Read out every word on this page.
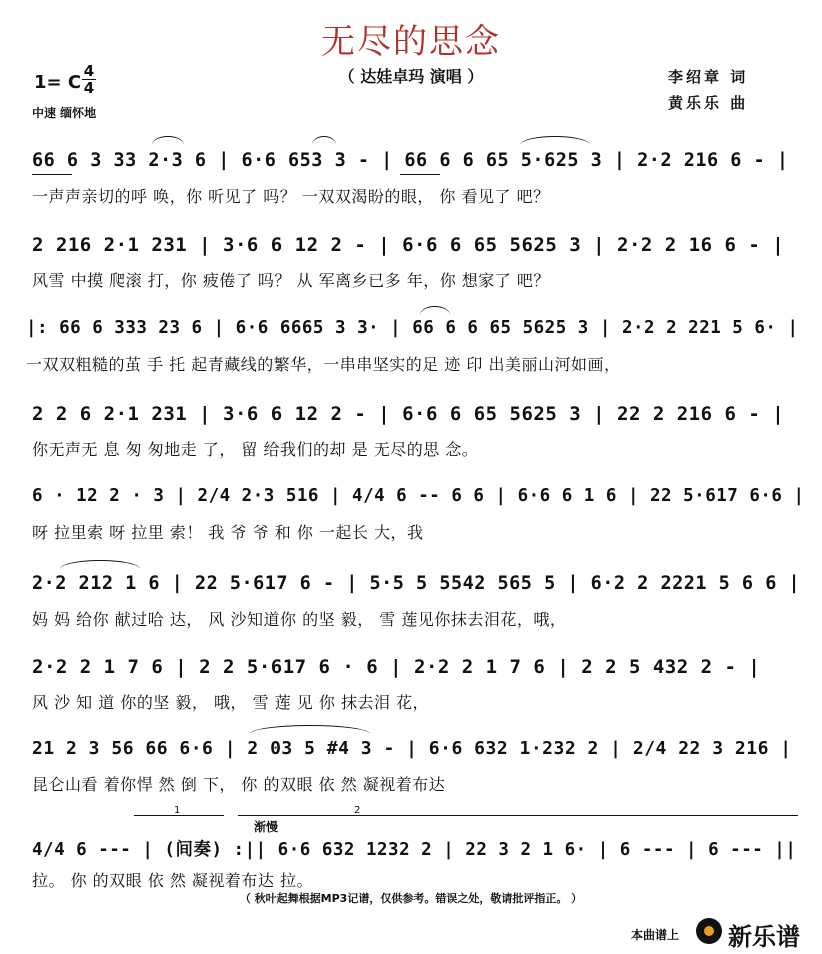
无尽的思念
（ 达娃卓玛 演唱 ）	李绍章 词
黄乐乐 曲
1= C
4
4
中速 缅怀地
66 6 3 33 2·3 6 | 6·6 653 3 - | 66 6 6 65 5·625 3 | 2·2 216 6 - |
一声声亲切的呼 唤，你 听见了 吗？ 一双双渴盼的眼， 你 看见了 吧？
2 216 2·1 231 | 3·6 6 12 2 - | 6·6 6 65 5625 3 | 2·2 2 16 6 - |
风雪 中摸 爬滚 打，你 疲倦了 吗？ 从 军离乡已多 年，你 想家了 吧？
|: 66 6 333 23 6 | 6·6 6665 3 3· | 66 6 6 65 5625 3 | 2·2 2 221 5 6· |
一双双粗糙的茧 手 托 起青藏线的繁华，一串串坚实的足 迹 印 出美丽山河如画，
2 2 6 2·1 231 | 3·6 6 12 2 - | 6·6 6 65 5625 3 | 22 2 216 6 - |
你无声无 息 匆 匆地走 了， 留 给我们的却 是 无尽的思 念。
6 · 12 2 · 3 | 2/4 2·3 516 | 4/4 6 -- 6 6 | 6·6 6 1 6 | 22 5·617 6·6 |
呀 拉里索 呀 拉里 索！ 我 爷 爷 和 你 一起长 大，我
2·2 212 1 6 | 22 5·617 6 - | 5·5 5 5542 565 5 | 6·2 2 2221 5 6 6 |
妈 妈 给你 献过哈 达， 风 沙知道你 的坚 毅， 雪 莲见你抹去泪花，哦，
2·2 2 1 7 6 | 2 2 5·617 6 · 6 | 2·2 2 1 7 6 | 2 2 5 432 2 - |
风 沙 知 道 你的坚 毅， 哦， 雪 莲 见 你 抹去泪 花，
21 2 3 56 66 6·6 | 2 03 5 #4 3 - | 6·6 632 1·232 2 | 2/4 22 3 216 |
昆仑山看 着你悍 然 倒 下， 你 的双眼 依 然 凝视着布达
1	2
渐慢
4/4 6 --- | (间奏) :|| 6·6 632 1232 2 | 22 3 2 1 6· | 6 --- | 6 --- ||
拉。 你 的双眼 依 然 凝视着布达 拉。
（ 秋叶起舞根据MP3记谱，仅供参考。错误之处，敬请批评指正。 ）
本曲谱上 新乐谱
